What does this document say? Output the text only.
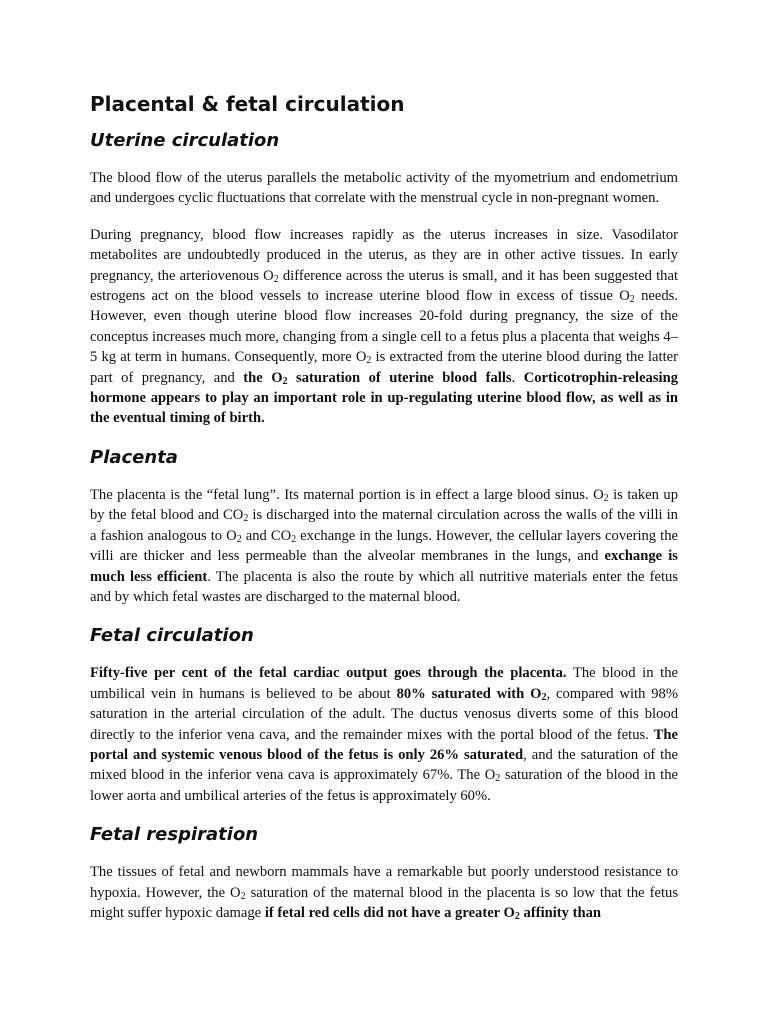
Placental & fetal circulation
Uterine circulation

The blood flow of the uterus parallels the metabolic activity of the myometrium and endometrium and undergoes cyclic fluctuations that correlate with the menstrual cycle in non-pregnant women.

During pregnancy, blood flow increases rapidly as the uterus increases in size. Vasodilator metabolites are undoubtedly produced in the uterus, as they are in other active tissues. In early pregnancy, the arteriovenous $O_2$ difference across the uterus is small, and it has been suggested that estrogens act on the blood vessels to increase uterine blood flow in excess of tissue $O_2$ needs. However, even though uterine blood flow increases 20-fold during pregnancy, the size of the conceptus increases much more, changing from a single cell to a fetus plus a placenta that weighs 4–5 kg at term in humans. Consequently, more $O_2$ is extracted from the uterine blood during the latter part of pregnancy, and the $O_2$ saturation of uterine blood falls. Corticotrophin-releasing hormone appears to play an important role in up-regulating uterine blood flow, as well as in the eventual timing of birth.

Placenta

The placenta is the “fetal lung”. Its maternal portion is in effect a large blood sinus. $O_2$ is taken up by the fetal blood and $CO_2$ is discharged into the maternal circulation across the walls of the villi in a fashion analogous to $O_2$ and $CO_2$ exchange in the lungs. However, the cellular layers covering the villi are thicker and less permeable than the alveolar membranes in the lungs, and exchange is much less efficient. The placenta is also the route by which all nutritive materials enter the fetus and by which fetal wastes are discharged to the maternal blood.

Fetal circulation

Fifty-five per cent of the fetal cardiac output goes through the placenta. The blood in the umbilical vein in humans is believed to be about 80% saturated with $O_2$, compared with 98% saturation in the arterial circulation of the adult. The ductus venosus diverts some of this blood directly to the inferior vena cava, and the remainder mixes with the portal blood of the fetus. The portal and systemic venous blood of the fetus is only 26% saturated, and the saturation of the mixed blood in the inferior vena cava is approximately 67%. The $O_2$ saturation of the blood in the lower aorta and umbilical arteries of the fetus is approximately 60%.

Fetal respiration

The tissues of fetal and newborn mammals have a remarkable but poorly understood resistance to hypoxia. However, the $O_2$ saturation of the maternal blood in the placenta is so low that the fetus might suffer hypoxic damage if fetal red cells did not have a greater $O_2$ affinity than
